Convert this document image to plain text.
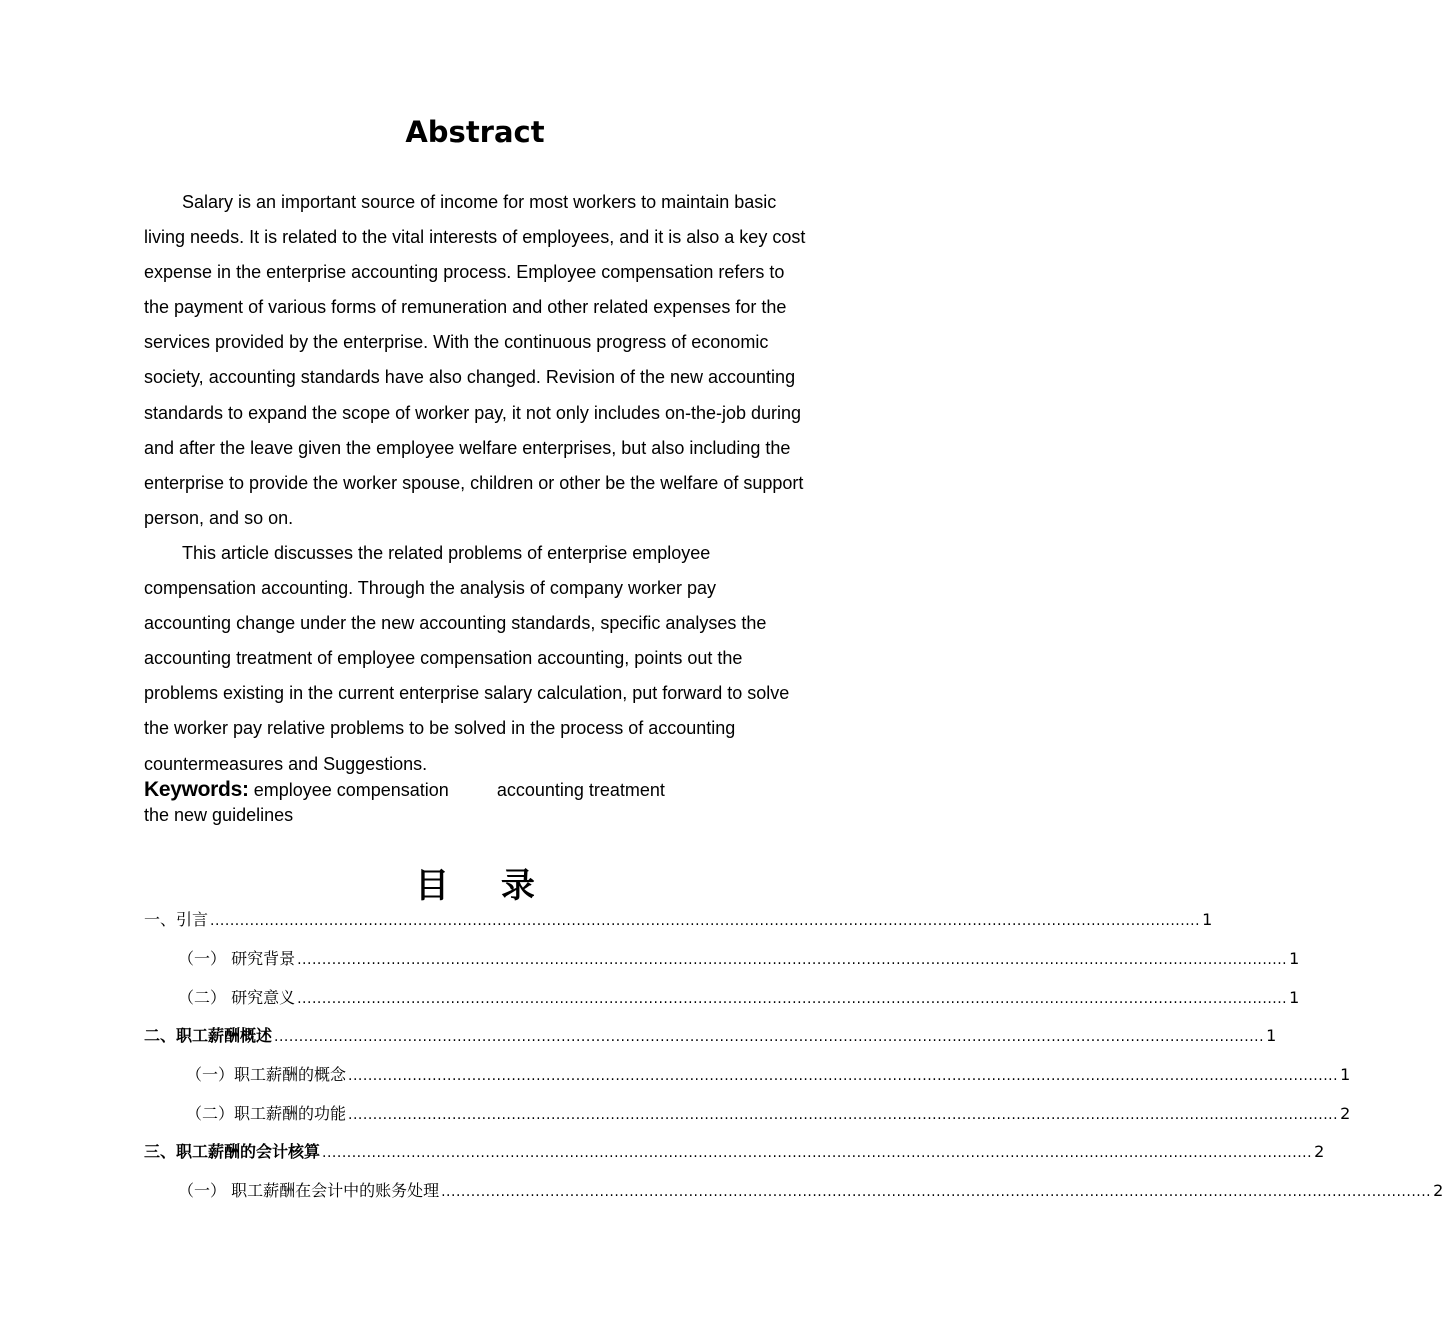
Abstract

Salary is an important source of income for most workers to maintain basic living needs. It is related to the vital interests of employees, and it is also a key cost expense in the enterprise accounting process. Employee compensation refers to the payment of various forms of remuneration and other related expenses for the services provided by the enterprise. With the continuous progress of economic society, accounting standards have also changed. Revision of the new accounting standards to expand the scope of worker pay, it not only includes on-the-job during and after the leave given the employee welfare enterprises, but also including the enterprise to provide the worker spouse, children or other be the welfare of support person, and so on.

This article discusses the related problems of enterprise employee compensation accounting. Through the analysis of company worker pay accounting change under the new accounting standards, specific analyses the accounting treatment of employee compensation accounting, points out the problems existing in the current enterprise salary calculation, put forward to solve the worker pay relative problems to be solved in the process of accounting countermeasures and Suggestions.

Keywords: employee compensation	accounting treatment
the new guidelines
目 录
一、引言 ........................................................................................................................................................................................................ 1
（一） 研究背景 ........................................................................................................................................................................................................ 1
（二） 研究意义 ........................................................................................................................................................................................................ 1
二、职工薪酬概述 ........................................................................................................................................................................................................ 1
（一）职工薪酬的概念 ........................................................................................................................................................................................................ 1
（二）职工薪酬的功能 ........................................................................................................................................................................................................ 2
三、职工薪酬的会计核算 ........................................................................................................................................................................................................ 2
（一） 职工薪酬在会计中的账务处理 ........................................................................................................................................................................................................ 2
